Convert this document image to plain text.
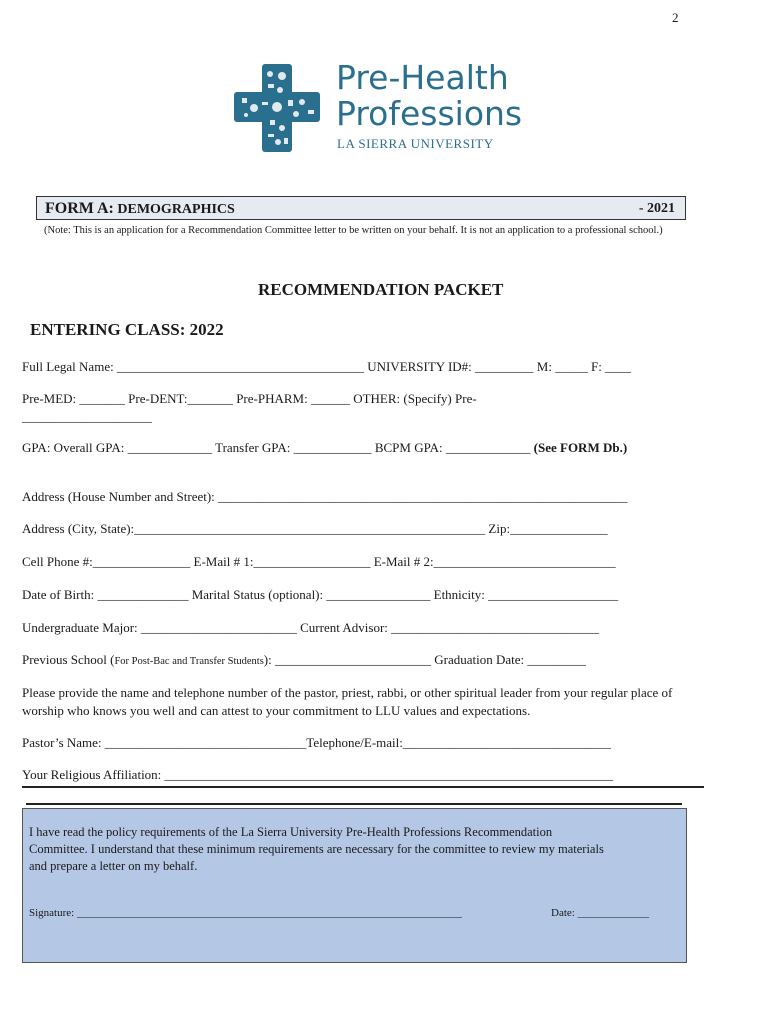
2
Pre-Health
Professions
LA SIERRA UNIVERSITY
FORM A: DEMOGRAPHICS	- 2021
(Note: This is an application for a Recommendation Committee letter to be written on your behalf. It is not an application to a professional school.)
RECOMMENDATION PACKET
ENTERING CLASS: 2022
Full Legal Name: ______________________________________ UNIVERSITY ID#: _________ M: _____ F: ____
Pre-MED: _______ Pre-DENT:_______ Pre-PHARM: ______ OTHER: (Specify) Pre-
____________________
GPA: Overall GPA: _____________ Transfer GPA: ____________ BCPM GPA: _____________ (See FORM Db.)
Address (House Number and Street): _______________________________________________________________
Address (City, State):______________________________________________________ Zip:_______________
Cell Phone #:_______________ E-Mail # 1:__________________ E-Mail # 2:____________________________
Date of Birth: ______________ Marital Status (optional): ________________ Ethnicity: ____________________
Undergraduate Major: ________________________ Current Advisor: ________________________________
Previous School (For Post-Bac and Transfer Students): ________________________ Graduation Date: _________
Please provide the name and telephone number of the pastor, priest, rabbi, or other spiritual leader from your regular place of worship who knows you well and can attest to your commitment to LLU values and expectations.
Pastor’s Name: _______________________________Telephone/E-mail:________________________________
Your Religious Affiliation: _____________________________________________________________________
I have read the policy requirements of the La Sierra University Pre-Health Professions Recommendation
Committee. I understand that these minimum requirements are necessary for the committee to review my materials
and prepare a letter on my behalf.
Signature: ______________________________________________________________________	Date: _____________
